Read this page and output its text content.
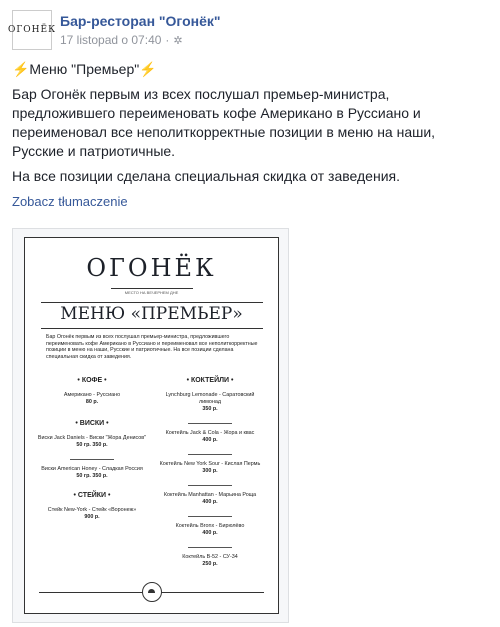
ОГОНЁК
Бар-ресторан "Огонёк"
17 listopad o 07:40 · ✲

⚡️Меню "Премьер"⚡️

Бар Огонёк первым из всех послушал премьер-министра, предложившего переименовать кофе Американо в Руссиано и переименовал все неполиткорректные позиции в меню на наши, Русские и патриотичные.

На все позиции сделана специальная скидка от заведения.

Zobacz tłumaczenie
ОГОНЁК
МЕСТО НА ВЕЧЕРНЕМ ДНЕ
МЕНЮ «ПРЕМЬЕР»
Бар Огонёк первым из всех послушал премьер-министра, предложившего переименовать кофе Американо в Руссиано и переименовал все неполиткорректные позиции в меню на наши, Русские и патриотичные. На все позиции сделана специальная скидка от заведения.
• КОФЕ •
Американо - Руссиано
80 р.
• ВИСКИ •
Виски Jack Daniels - Виски "Жора Денисов"
50 гр. 350 р.
Виски American Honey - Сладкая Россия
50 гр. 350 р.
• СТЕЙКИ •
Стейк New-York - Стейк «Воронеж»
900 р.
• КОКТЕЙЛИ •
Lynchburg Lemonade - Саратовский лимонад
350 р.
Коктейль Jack & Cola - Жора и квас
400 р.
Коктейль New York Sour - Кислая Пермь
300 р.
Коктейль Manhattan - Марьина Роща
400 р.
Коктейль Bronx - Бирюлёво
400 р.
Коктейль B-52 - СУ-34
250 р.
